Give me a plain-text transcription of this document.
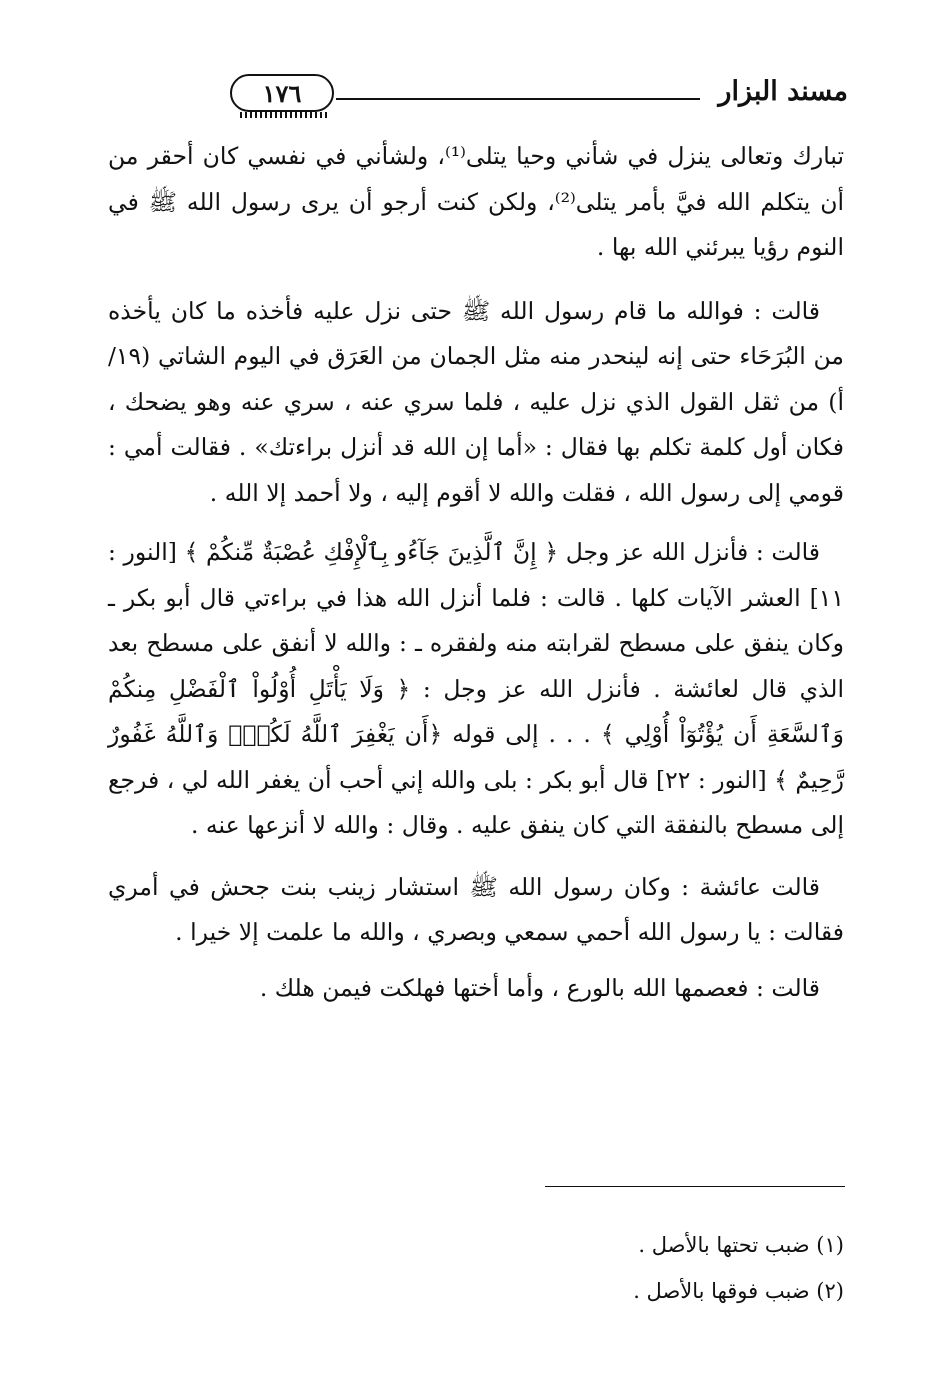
١٧٦	مسند البزار

تبارك وتعالى ينزل في شأني وحيا يتلى⁽¹⁾، ولشأني في نفسي كان أحقر من أن يتكلم الله فيَّ بأمر يتلى⁽²⁾، ولكن كنت أرجو أن يرى رسول الله ﷺ في النوم رؤيا يبرئني الله بها .

قالت : فوالله ما قام رسول الله ﷺ حتى نزل عليه فأخذه ما كان يأخذه من البُرَحَاء حتى إنه لينحدر منه مثل الجمان من العَرَق في اليوم الشاتي (١٩/أ) من ثقل القول الذي نزل عليه ، فلما سري عنه ، سري عنه وهو يضحك ، فكان أول كلمة تكلم بها فقال : «أما إن الله قد أنزل براءتك» . فقالت أمي : قومي إلى رسول الله ، فقلت والله لا أقوم إليه ، ولا أحمد إلا الله .

قالت : فأنزل الله عز وجل ﴿ إِنَّ ٱلَّذِينَ جَآءُو بِٱلْإِفْكِ عُصْبَةٌ مِّنكُمْ ﴾ [النور : ١١] العشر الآيات كلها . قالت : فلما أنزل الله هذا في براءتي قال أبو بكر ـ وكان ينفق على مسطح لقرابته منه ولفقره ـ : والله لا أنفق على مسطح بعد الذي قال لعائشة . فأنزل الله عز وجل : ﴿ وَلَا يَأْتَلِ أُوْلُواْ ٱلْفَضْلِ مِنكُمْ وَٱلسَّعَةِ أَن يُؤْتُوٓاْ أُوْلِي ﴾ . . . إلى قوله ﴿أَن يَغْفِرَ ٱللَّهُ لَكُمْۚ وَٱللَّهُ غَفُورٌ رَّحِيمٌ ﴾ [النور : ٢٢] قال أبو بكر : بلى والله إني أحب أن يغفر الله لي ، فرجع إلى مسطح بالنفقة التي كان ينفق عليه . وقال : والله لا أنزعها عنه .

قالت عائشة : وكان رسول الله ﷺ استشار زينب بنت جحش في أمري فقالت : يا رسول الله أحمي سمعي وبصري ، والله ما علمت إلا خيرا .

قالت : فعصمها الله بالورع ، وأما أختها فهلكت فيمن هلك .

(١) ضبب تحتها بالأصل .

(٢) ضبب فوقها بالأصل .
